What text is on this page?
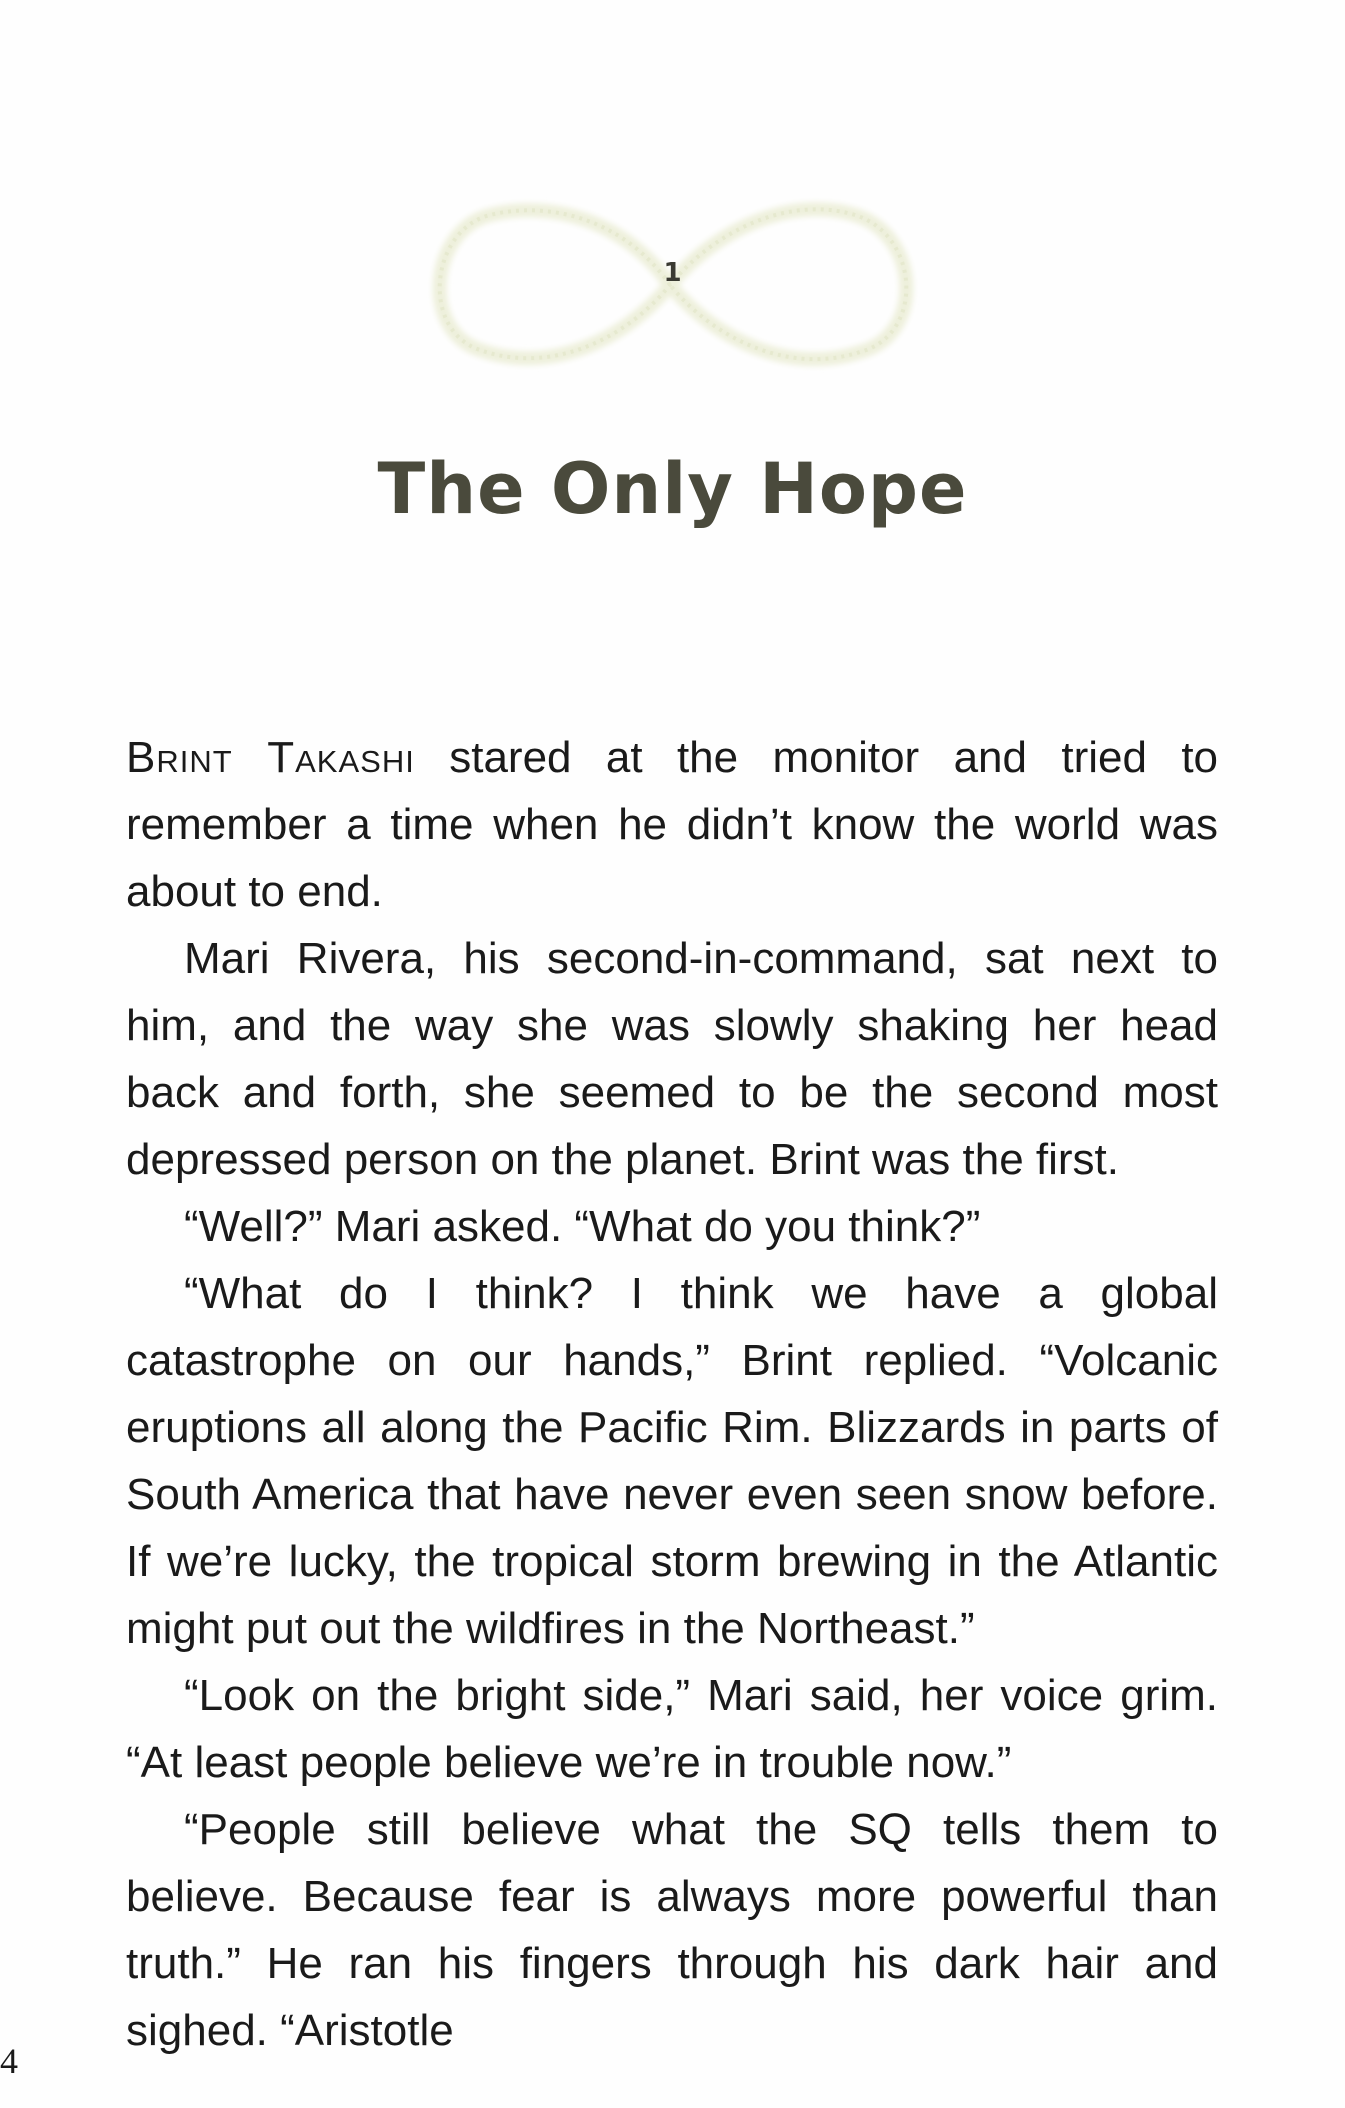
1
The Only Hope

Brint Takashi stared at the monitor and tried to remember a time when he didn’t know the world was about to end.

Mari Rivera, his second-in-command, sat next to him, and the way she was slowly shaking her head back and forth, she seemed to be the second most depressed person on the planet. Brint was the first.

“Well?” Mari asked. “What do you think?”

“What do I think? I think we have a global catastrophe on our hands,” Brint replied. “Volcanic eruptions all along the Pacific Rim. Blizzards in parts of South America that have never even seen snow before. If we’re lucky, the tropical storm brewing in the Atlantic might put out the wildfires in the Northeast.”

“Look on the bright side,” Mari said, her voice grim. “At least people believe we’re in trouble now.”

“People still believe what the SQ tells them to believe. Because fear is always more powerful than truth.” He ran his fingers through his dark hair and sighed. “Aristotle

4
